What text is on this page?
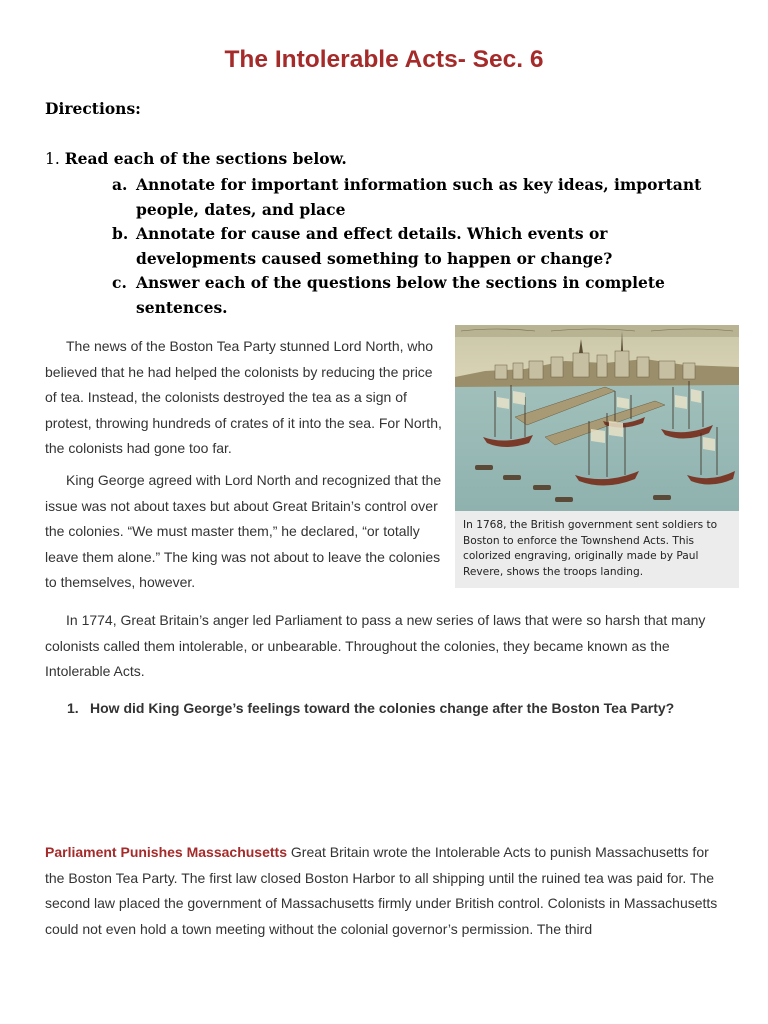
The Intolerable Acts- Sec. 6
Directions:
1. Read each of the sections below.
a. Annotate for important information such as key ideas, important people, dates, and place
b. Annotate for cause and effect details. Which events or developments caused something to happen or change?
c. Answer each of the questions below the sections in complete sentences.

The news of the Boston Tea Party stunned Lord North, who believed that he had helped the colonists by reducing the price of tea. Instead, the colonists destroyed the tea as a sign of protest, throwing hundreds of crates of it into the sea. For North, the colonists had gone too far.

King George agreed with Lord North and recognized that the issue was not about taxes but about Great Britain’s control over the colonies. “We must master them,” he declared, “or totally leave them alone.” The king was not about to leave the colonies to themselves, however.

In 1768, the British government sent soldiers to Boston to enforce the Townshend Acts. This colorized engraving, originally made by Paul Revere, shows the troops landing.

In 1774, Great Britain’s anger led Parliament to pass a new series of laws that were so harsh that many colonists called them intolerable, or unbearable. Throughout the colonies, they became known as the Intolerable Acts.

1. How did King George’s feelings toward the colonies change after the Boston Tea Party?

Parliament Punishes Massachusetts Great Britain wrote the Intolerable Acts to punish Massachusetts for the Boston Tea Party. The first law closed Boston Harbor to all shipping until the ruined tea was paid for. The second law placed the government of Massachusetts firmly under British control. Colonists in Massachusetts could not even hold a town meeting without the colonial governor’s permission. The third
